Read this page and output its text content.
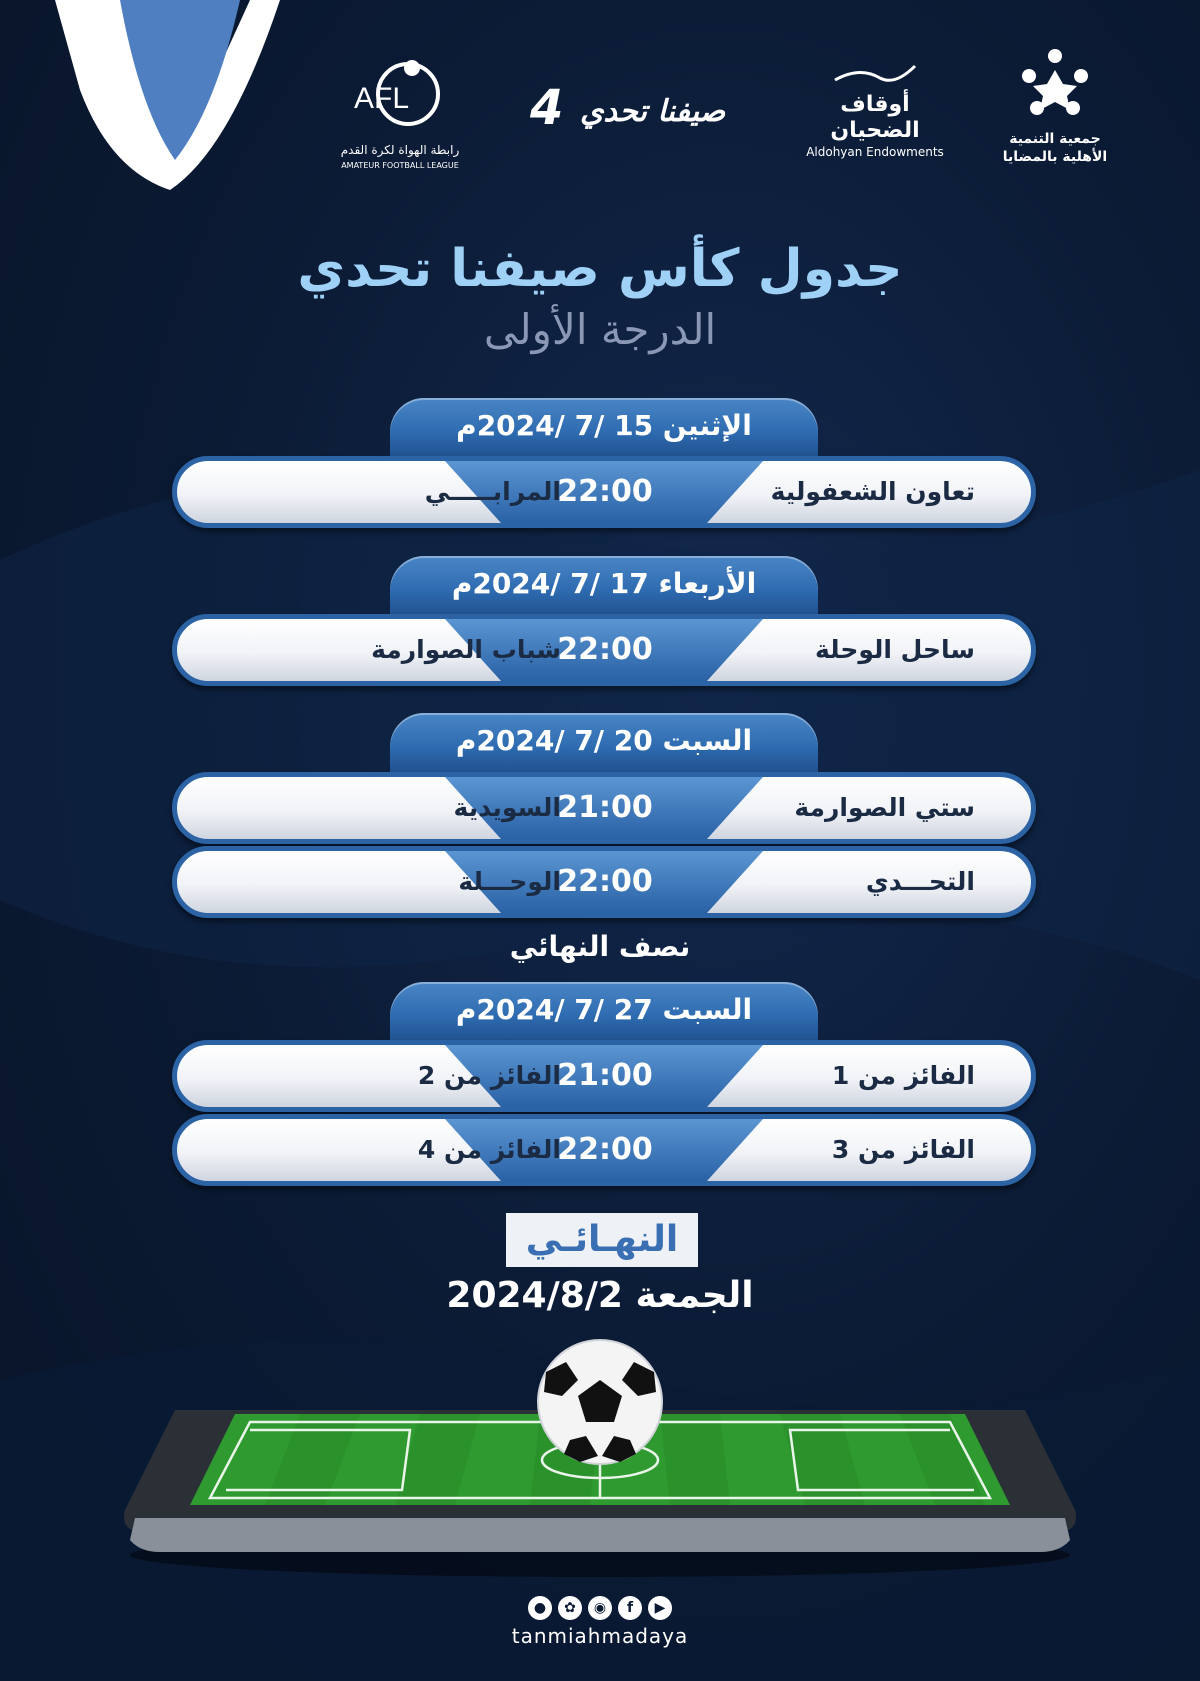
AFL
رابطة الهواة لكرة القدم
AMATEUR FOOTBALL LEAGUE
4 صيفنا تحدي	أوقاف
الضحيان
Aldohyan Endowments
جمعية التنمية
الأهلية بالمضايا
جدول كأس صيفنا تحدي
الدرجة الأولى
الإثنين 15 /7 /2024م
تعاون الشعفولية
22:00
المرابـــــي
الأربعاء 17 /7 /2024م
ساحل الوحلة
22:00
شباب الصوارمة
السبت 20 /7 /2024م
ستي الصوارمة
21:00
السويدية
التحـــدي
22:00
الوحـــلة
نصف النهائي
السبت 27 /7 /2024م
الفائز من 1
21:00
الفائز من 2
الفائز من 3
22:00
الفائز من 4
النهـائـي
الجمعة 2024/8/2
● ✿ ◉ f ▶
tanmiahmadaya
